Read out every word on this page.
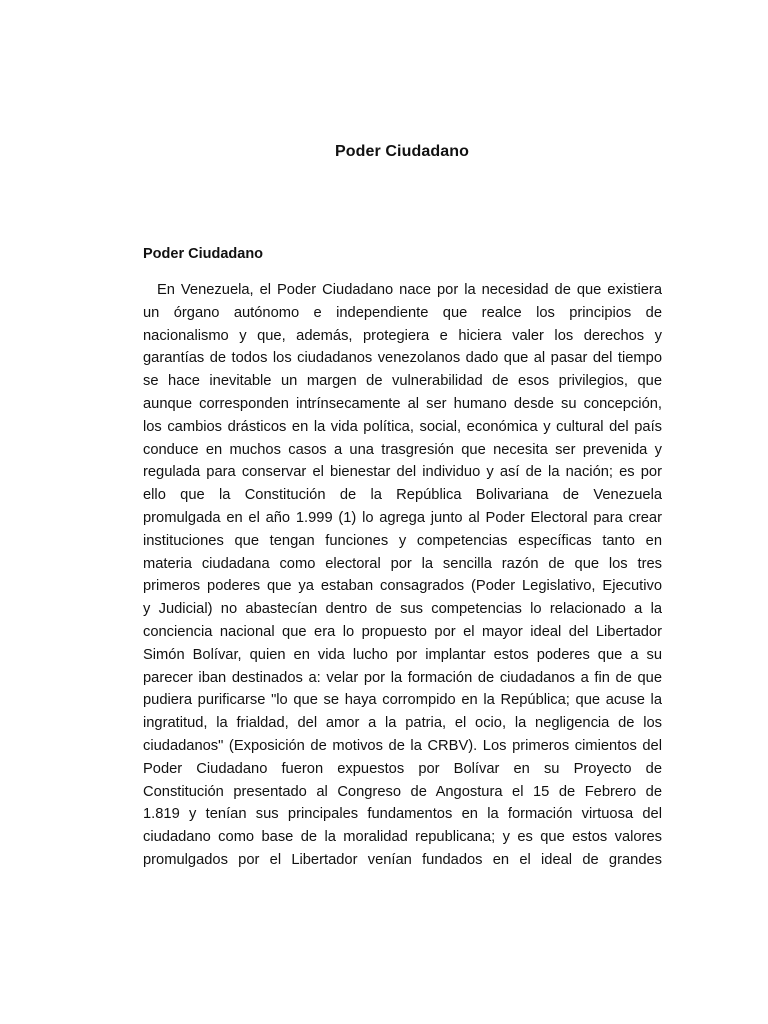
Poder Ciudadano
Poder Ciudadano
En Venezuela, el Poder Ciudadano nace por la necesidad de que existiera
un órgano autónomo e independiente que realce los principios de
nacionalismo y que, además, protegiera e hiciera valer los derechos y
garantías de todos los ciudadanos venezolanos dado que al pasar del tiempo
se hace inevitable un margen de vulnerabilidad de esos privilegios, que
aunque corresponden intrínsecamente al ser humano desde su concepción,
los cambios drásticos en la vida política, social, económica y cultural del país
conduce en muchos casos a una trasgresión que necesita ser prevenida y
regulada para conservar el bienestar del individuo y así de la nación; es por
ello que la Constitución de la República Bolivariana de Venezuela
promulgada en el año 1.999 (1) lo agrega junto al Poder Electoral para crear
instituciones que tengan funciones y competencias específicas tanto en
materia ciudadana como electoral por la sencilla razón de que los tres
primeros poderes que ya estaban consagrados (Poder Legislativo, Ejecutivo
y Judicial) no abastecían dentro de sus competencias lo relacionado a la
conciencia nacional que era lo propuesto por el mayor ideal del Libertador
Simón Bolívar, quien en vida lucho por implantar estos poderes que a su
parecer iban destinados a: velar por la formación de ciudadanos a fin de que
pudiera purificarse "lo que se haya corrompido en la República; que acuse la
ingratitud, la frialdad, del amor a la patria, el ocio, la negligencia de los
ciudadanos" (Exposición de motivos de la CRBV). Los primeros cimientos del
Poder Ciudadano fueron expuestos por Bolívar en su Proyecto de
Constitución presentado al Congreso de Angostura el 15 de Febrero de
1.819 y tenían sus principales fundamentos en la formación virtuosa del
ciudadano como base de la moralidad republicana; y es que estos valores
promulgados por el Libertador venían fundados en el ideal de grandes
